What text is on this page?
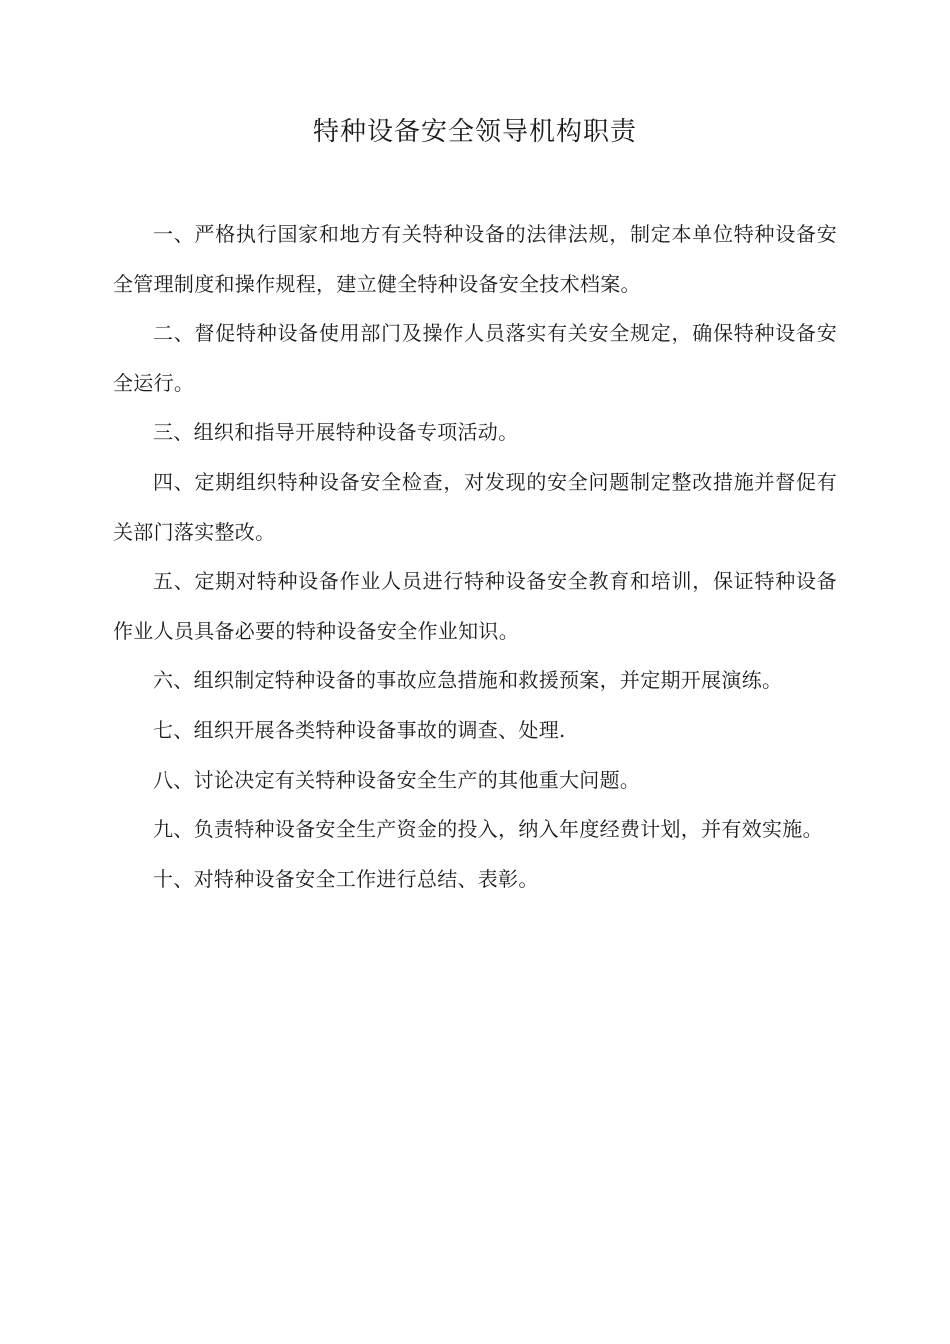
特种设备安全领导机构职责

一、严格执行国家和地方有关特种设备的法律法规，制定本单位特种设备安全管理制度和操作规程，建立健全特种设备安全技术档案。

二、督促特种设备使用部门及操作人员落实有关安全规定，确保特种设备安全运行。

三、组织和指导开展特种设备专项活动。

四、定期组织特种设备安全检查，对发现的安全问题制定整改措施并督促有关部门落实整改。

五、定期对特种设备作业人员进行特种设备安全教育和培训，保证特种设备作业人员具备必要的特种设备安全作业知识。

六、组织制定特种设备的事故应急措施和救援预案，并定期开展演练。

七、组织开展各类特种设备事故的调查、处理.

八、讨论决定有关特种设备安全生产的其他重大问题。

九、负责特种设备安全生产资金的投入，纳入年度经费计划，并有效实施。

十、对特种设备安全工作进行总结、表彰。
